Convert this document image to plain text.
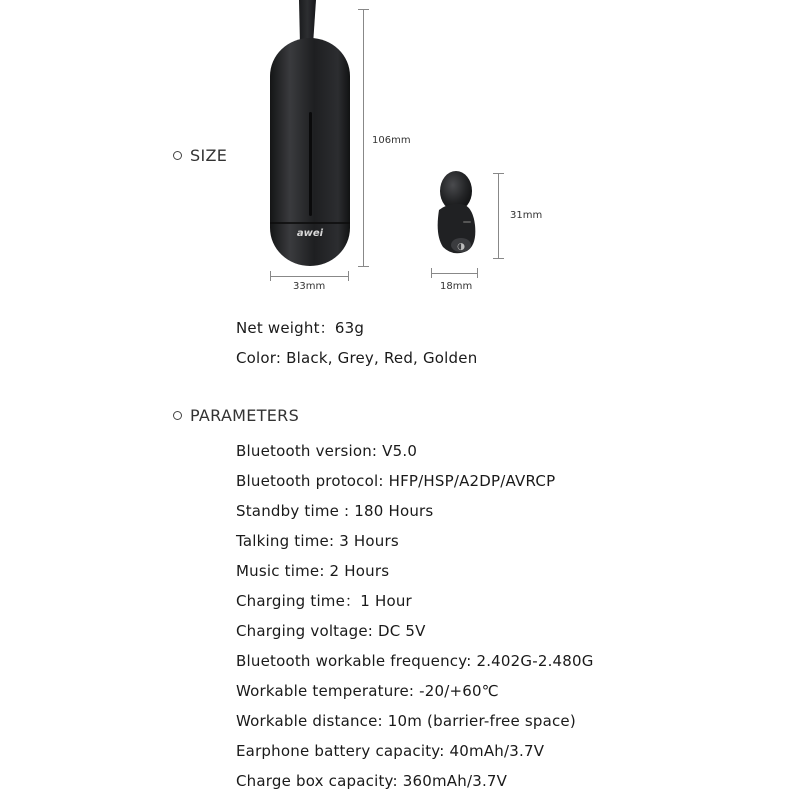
SIZE
awei
106mm
33mm
◑
31mm
18mm
Net weight：63g
Color: Black, Grey, Red, Golden
PARAMETERS
Bluetooth version: V5.0
Bluetooth protocol: HFP/HSP/A2DP/AVRCP
Standby time : 180 Hours
Talking time: 3 Hours
Music time: 2 Hours
Charging time：1 Hour
Charging voltage: DC 5V
Bluetooth workable frequency: 2.402G-2.480G
Workable temperature: -20/+60℃
Workable distance: 10m (barrier-free space)
Earphone battery capacity: 40mAh/3.7V
Charge box capacity: 360mAh/3.7V
